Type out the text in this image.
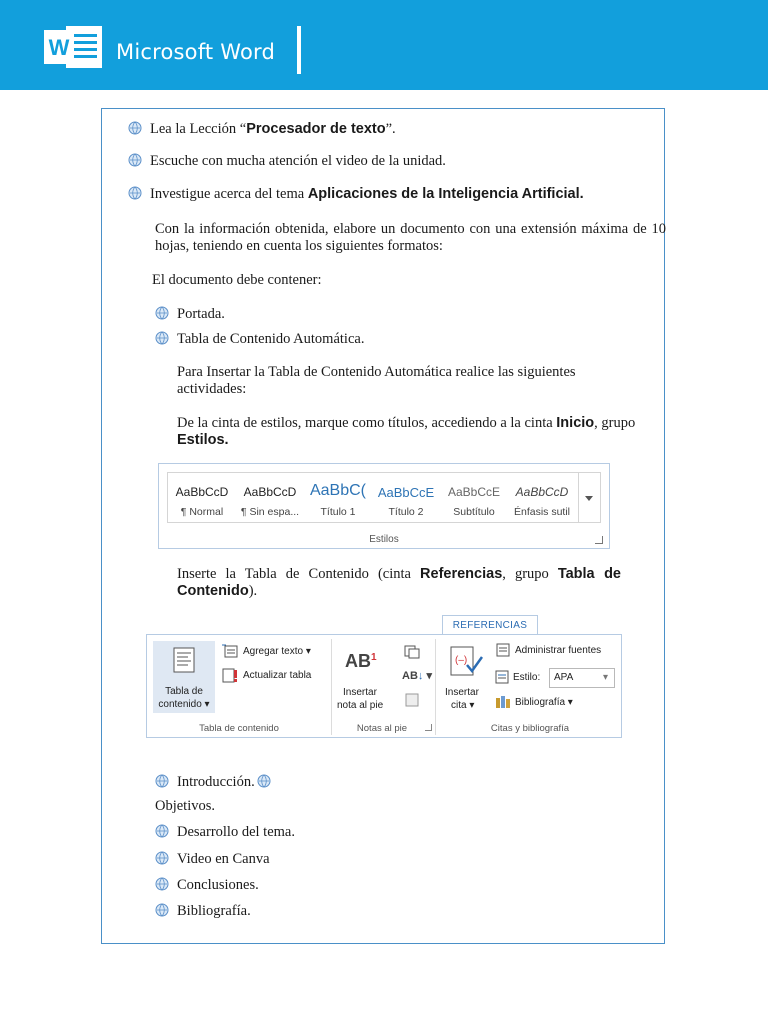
W Microsoft Word
Lea la Lección “Procesador de texto”.
Escuche con mucha atención el video de la unidad.
Investigue acerca del tema Aplicaciones de la Inteligencia Artificial.
Con la información obtenida, elabore un documento con una extensión máxima de 10 hojas, teniendo en cuenta los siguientes formatos:
El documento debe contener:
Portada.
Tabla de Contenido Automática.
Para Insertar la Tabla de Contenido Automática realice las siguientes actividades:
De la cinta de estilos, marque como títulos, accediendo a la cinta Inicio, grupo Estilos.
AaBbCcD
¶ Normal
AaBbCcD
¶ Sin espa...
AaBbC(
Título 1
AaBbCcE
Título 2
AaBbCcE
Subtítulo
AaBbCcD
Énfasis sutil
Estilos
Inserte la Tabla de Contenido (cinta Referencias, grupo Tabla de Contenido).
REFERENCIAS
Tabla de
contenido ▾
Agregar texto ▾
Actualizar tabla
Tabla de contenido
$AB^1$
Insertar
nota al pie
AB↓ ▾
Notas al pie
(–)
Insertar
cita ▾
Administrar fuentes
Estilo: APA	▾
Bibliografía ▾
Citas y bibliografía
Introducción.
Objetivos.
Desarrollo del tema.
Video en Canva
Conclusiones.
Bibliografía.
